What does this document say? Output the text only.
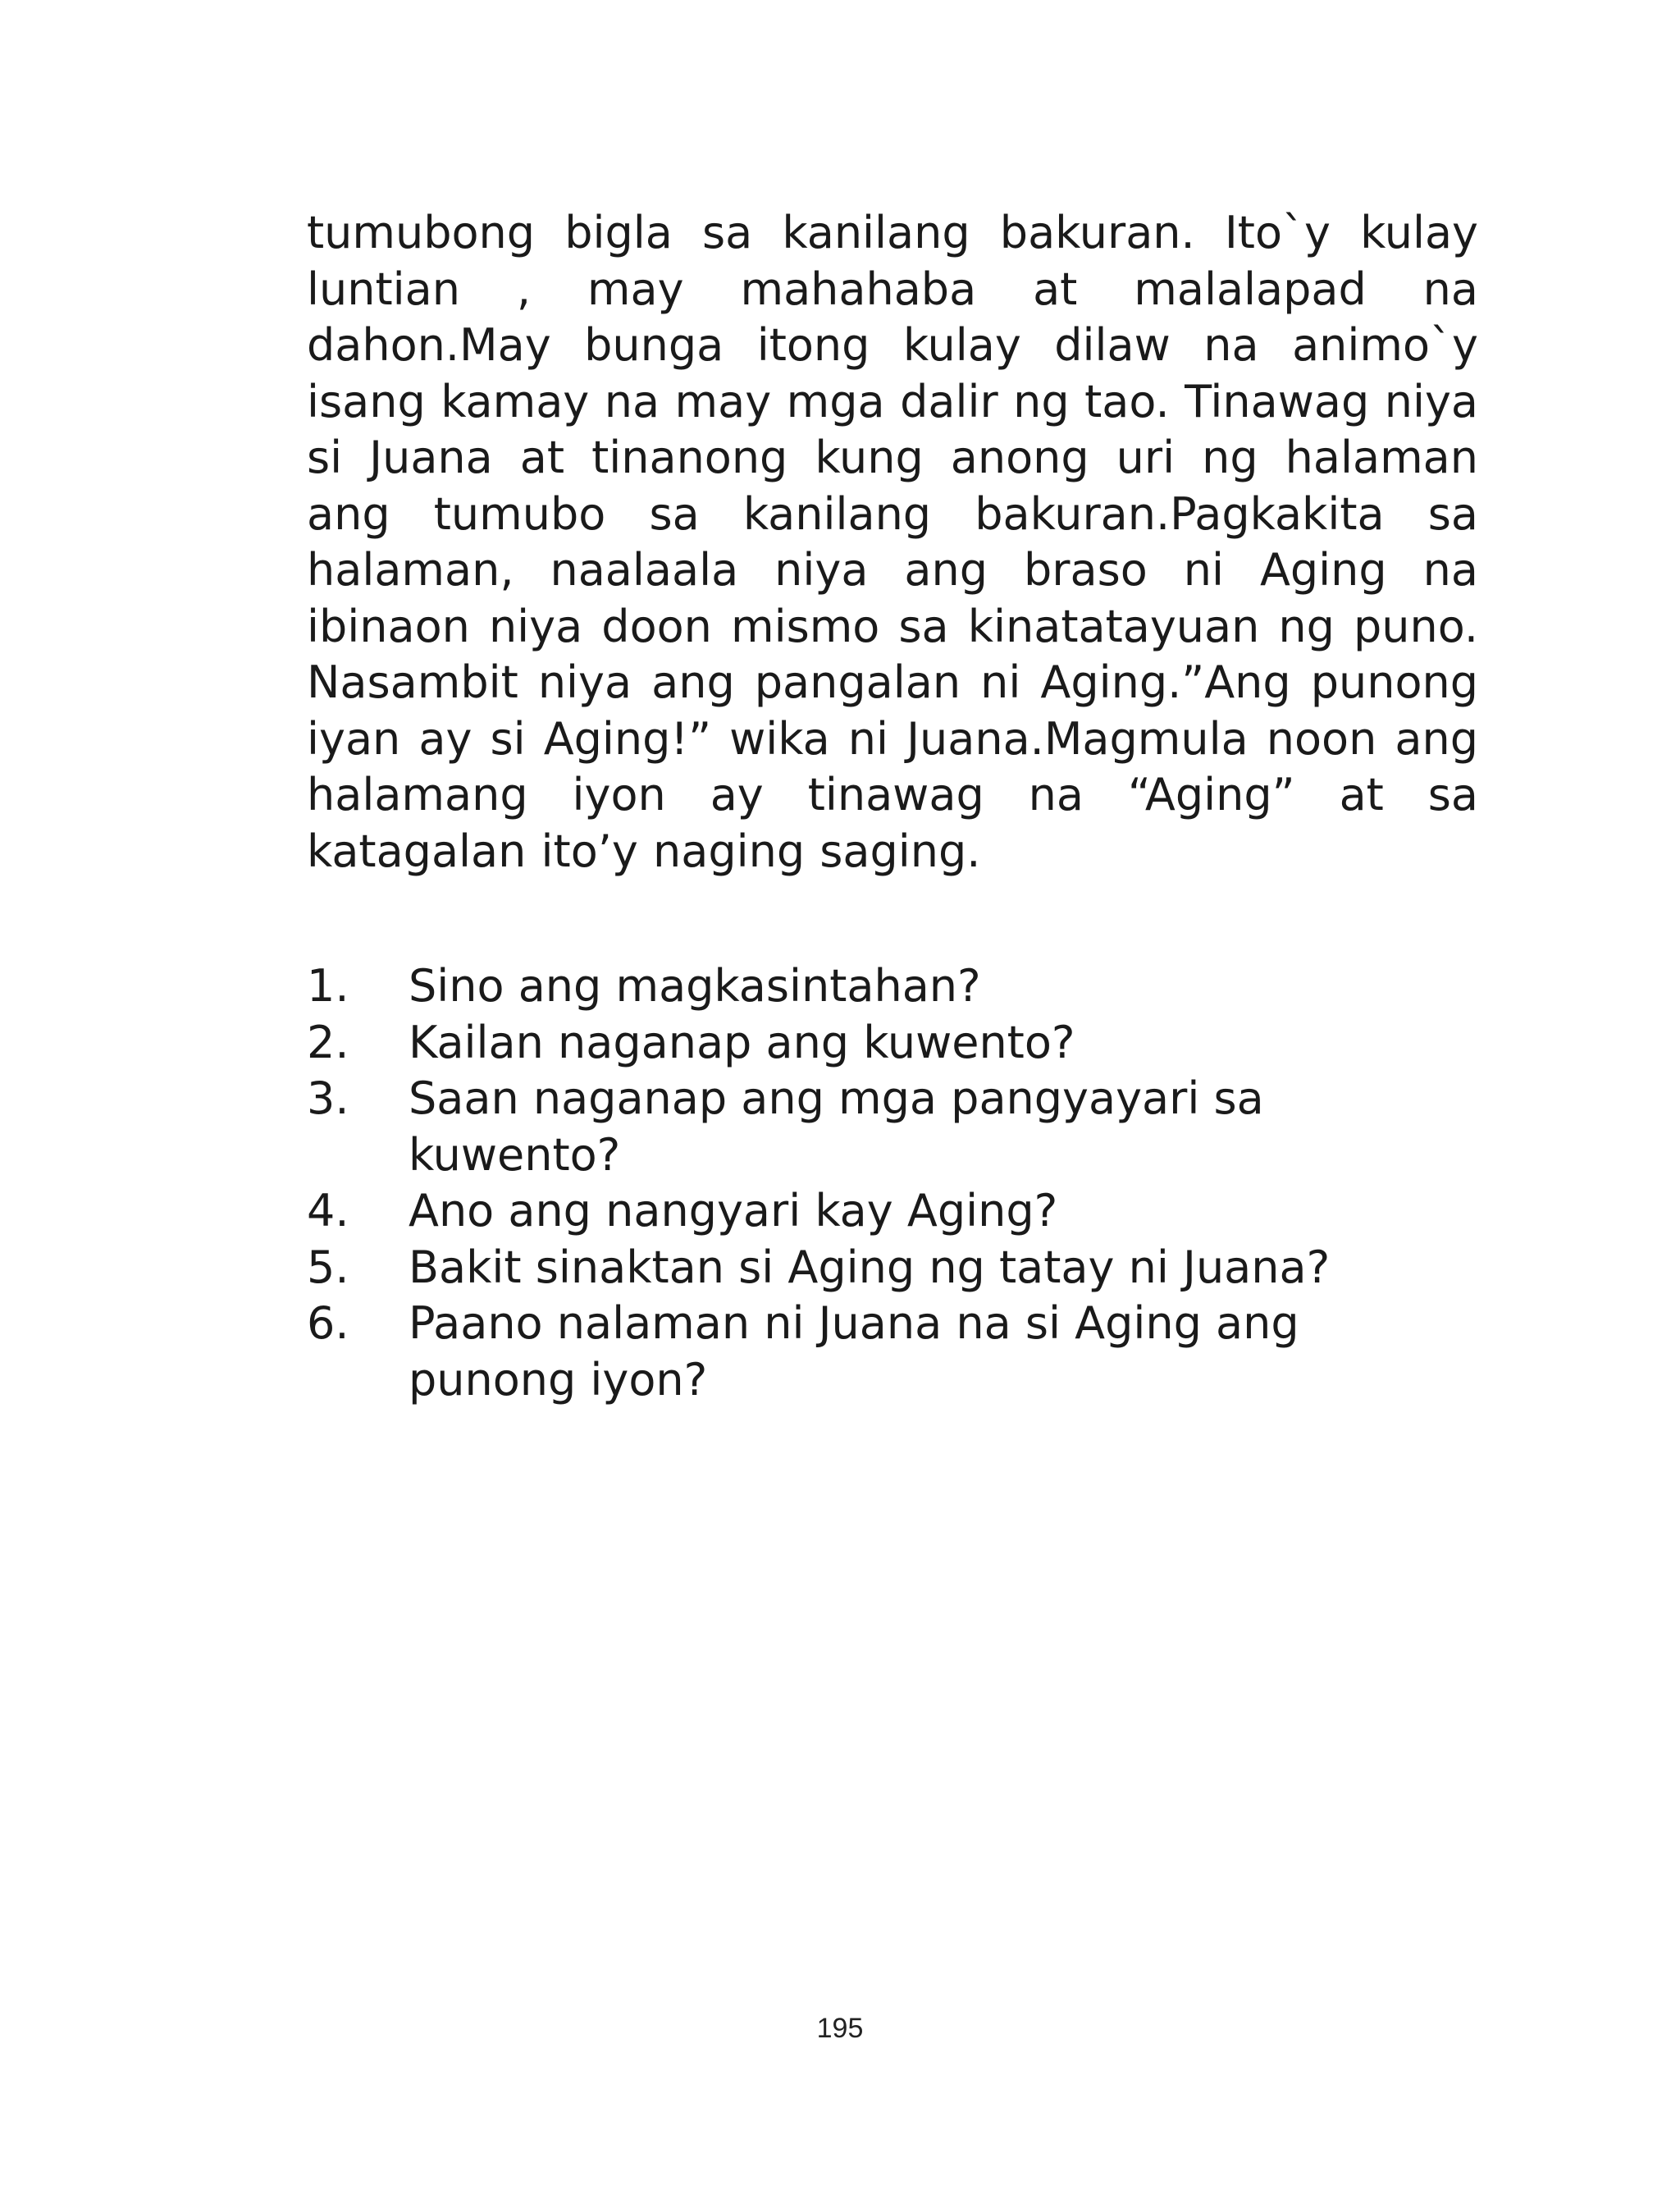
tumubong bigla sa kanilang bakuran. Ito`y kulay luntian , may mahahaba at malalapad na dahon.May bunga itong kulay dilaw na animo`y isang kamay na may mga dalir ng tao. Tinawag niya si Juana at tinanong kung anong uri ng halaman ang tumubo sa kanilang bakuran.Pagkakita sa halaman, naalaala niya ang braso ni Aging na ibinaon niya doon mismo sa kinatatayuan ng puno. Nasambit niya ang pangalan ni Aging.”Ang punong iyan ay si Aging!” wika ni Juana.Magmula noon ang halamang iyon ay tinawag na “Aging” at sa katagalan ito’y naging saging.

1.	Sino ang magkasintahan?
2.	Kailan naganap ang kuwento?
3.	Saan naganap ang mga pangyayari sa kuwento?
4.	Ano ang nangyari kay Aging?
5.	Bakit sinaktan si Aging ng tatay ni Juana?
6.	Paano nalaman ni Juana na si Aging ang punong iyon?
195
